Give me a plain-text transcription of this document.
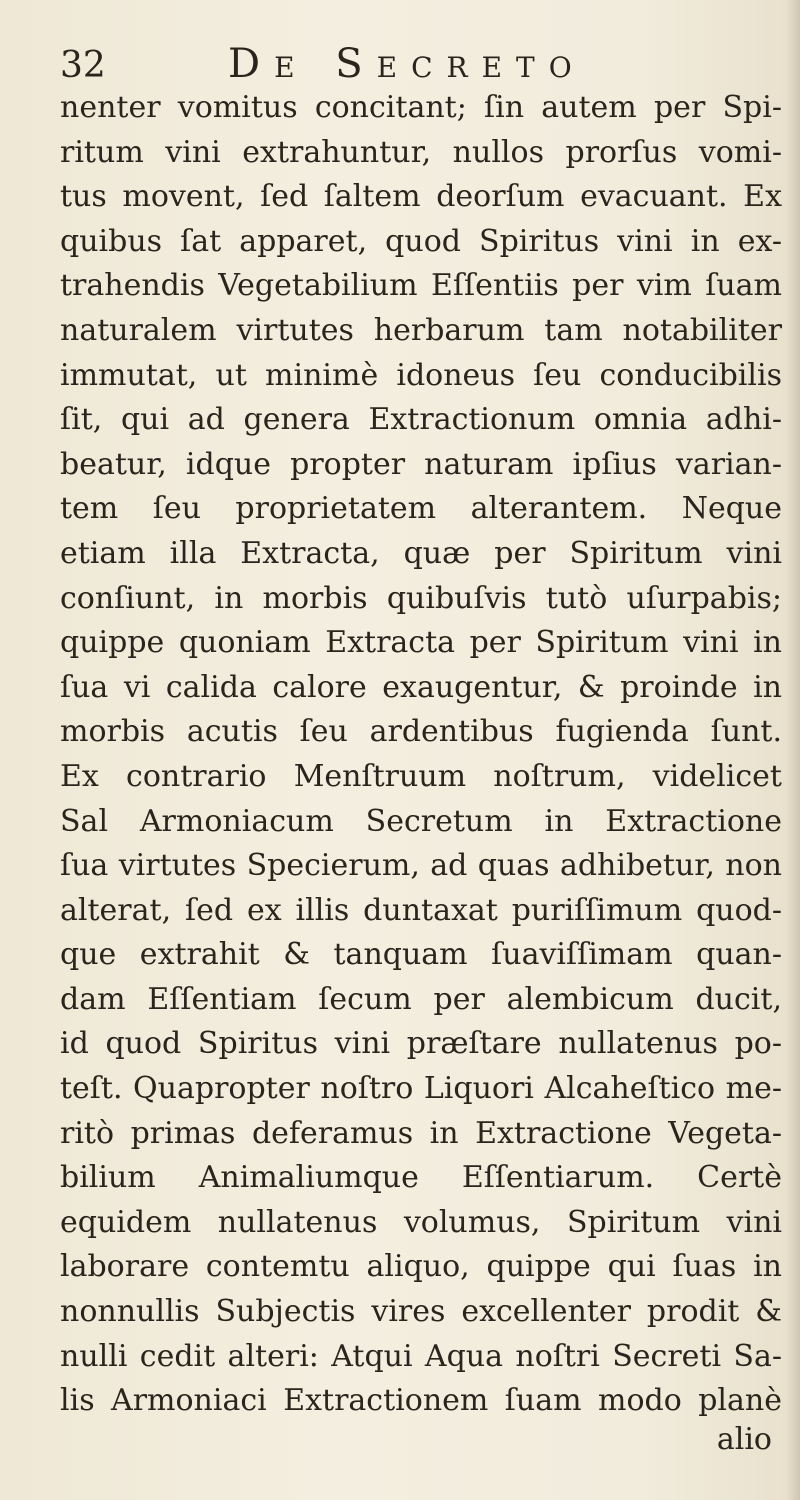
32	De Secreto
nenter vomitus concitant; ſin autem per Spi-
ritum vini extrahuntur, nullos prorſus vomi-
tus movent, ſed ſaltem deorſum evacuant. Ex
quibus ſat apparet, quod Spiritus vini in ex-
trahendis Vegetabilium Eſſentiis per vim ſuam
naturalem virtutes herbarum tam notabiliter
immutat, ut minimè idoneus ſeu conducibilis
ſit, qui ad genera Extractionum omnia adhi-
beatur, idque propter naturam ipſius varian-
tem ſeu proprietatem alterantem. Neque
etiam illa Extracta, quæ per Spiritum vini
conſiunt, in morbis quibuſvis tutò uſurpabis;
quippe quoniam Extracta per Spiritum vini in
ſua vi calida calore exaugentur, & proinde in
morbis acutis ſeu ardentibus fugienda ſunt.
Ex contrario Menſtruum noſtrum, videlicet
Sal Armoniacum Secretum in Extractione
ſua virtutes Specierum, ad quas adhibetur, non
alterat, ſed ex illis duntaxat puriſſimum quod-
que extrahit & tanquam ſuaviſſimam quan-
dam Eſſentiam ſecum per alembicum ducit,
id quod Spiritus vini præſtare nullatenus po-
teſt. Quapropter noſtro Liquori Alcaheſtico me-
ritò primas deferamus in Extractione Vegeta-
bilium Animaliumque Eſſentiarum. Certè
equidem nullatenus volumus, Spiritum vini
laborare contemtu aliquo, quippe qui ſuas in
nonnullis Subjectis vires excellenter prodit &
nulli cedit alteri: Atqui Aqua noſtri Secreti Sa-
lis Armoniaci Extractionem ſuam modo planè
alio
